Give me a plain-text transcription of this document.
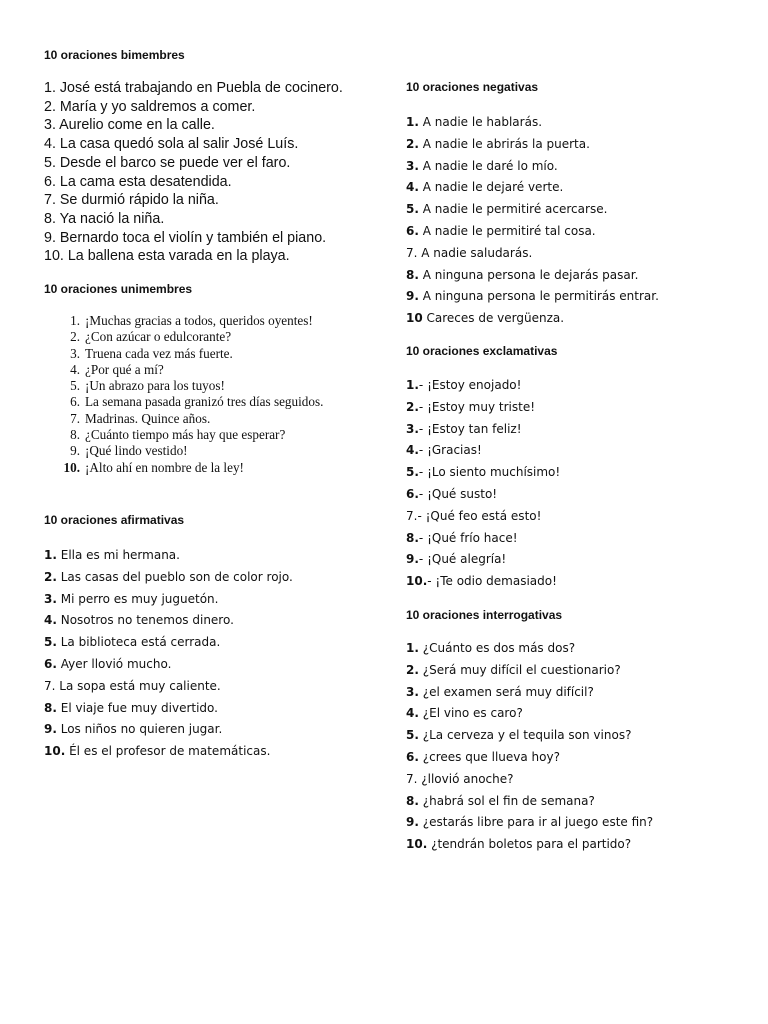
10 oraciones bimembres
1. José está trabajando en Puebla de cocinero.
2. María y yo saldremos a comer.
3. Aurelio come en la calle.
4. La casa quedó sola al salir José Luís.
5. Desde el barco se puede ver el faro.
6. La cama esta desatendida.
7. Se durmió rápido la niña.
8. Ya nació la niña.
9. Bernardo toca el violín y también el piano.
10. La ballena esta varada en la playa.
10 oraciones unimembres
1. ¡Muchas gracias a todos, queridos oyentes!
2. ¿Con azúcar o edulcorante?
3. Truena cada vez más fuerte.
4. ¿Por qué a mí?
5. ¡Un abrazo para los tuyos!
6. La semana pasada granizó tres días seguidos.
7. Madrinas. Quince años.
8. ¿Cuánto tiempo más hay que esperar?
9. ¡Qué lindo vestido!
10. ¡Alto ahí en nombre de la ley!
10 oraciones afirmativas
1. Ella es mi hermana.
2. Las casas del pueblo son de color rojo.
3. Mi perro es muy juguetón.
4. Nosotros no tenemos dinero.
5. La biblioteca está cerrada.
6. Ayer llovió mucho.
7. La sopa está muy caliente.
8. El viaje fue muy divertido.
9. Los niños no quieren jugar.
10. Él es el profesor de matemáticas.
10 oraciones negativas
1. A nadie le hablarás.
2. A nadie le abrirás la puerta.
3. A nadie le daré lo mío.
4. A nadie le dejaré verte.
5. A nadie le permitiré acercarse.
6. A nadie le permitiré tal cosa.
7. A nadie saludarás.
8. A ninguna persona le dejarás pasar.
9. A ninguna persona le permitirás entrar.
10 Careces de vergüenza.
10 oraciones exclamativas
1.- ¡Estoy enojado!
2.- ¡Estoy muy triste!
3.- ¡Estoy tan feliz!
4.- ¡Gracias!
5.- ¡Lo siento muchísimo!
6.- ¡Qué susto!
7.- ¡Qué feo está esto!
8.- ¡Qué frío hace!
9.- ¡Qué alegría!
10.- ¡Te odio demasiado!
10 oraciones interrogativas
1. ¿Cuánto es dos más dos?
2. ¿Será muy difícil el cuestionario?
3. ¿el examen será muy difícil?
4. ¿El vino es caro?
5. ¿La cerveza y el tequila son vinos?
6. ¿crees que llueva hoy?
7. ¿llovió anoche?
8. ¿habrá sol el fin de semana?
9. ¿estarás libre para ir al juego este fin?
10. ¿tendrán boletos para el partido?
